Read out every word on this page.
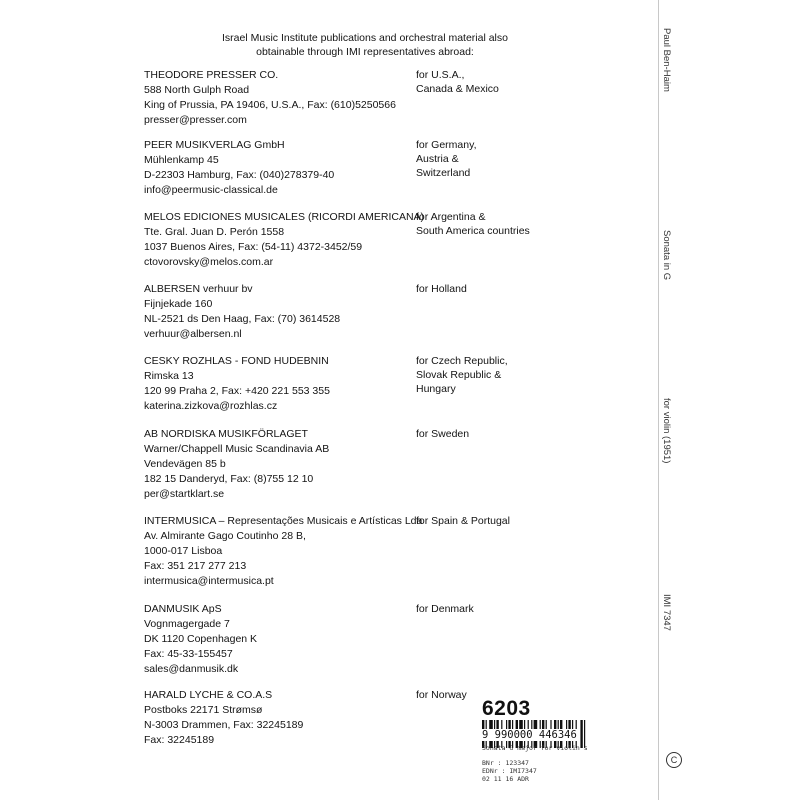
Israel Music Institute publications and orchestral material also
obtainable through IMI representatives abroad:
THEODORE PRESSER CO.
588 North Gulph Road
King of Prussia, PA 19406, U.S.A., Fax: (610)5250566
presser@presser.com
for U.S.A.,
Canada & Mexico
PEER MUSIKVERLAG GmbH
Mühlenkamp 45
D-22303 Hamburg, Fax: (040)278379-40
info@peermusic-classical.de
for Germany,
Austria &
Switzerland
MELOS EDICIONES MUSICALES (RICORDI AMERICANA)
Tte. Gral. Juan D. Perón 1558
1037 Buenos Aires, Fax: (54-11) 4372-3452/59
ctovorovsky@melos.com.ar
for Argentina &
South America countries
ALBERSEN verhuur bv
Fijnjekade 160
NL-2521 ds Den Haag, Fax: (70) 3614528
verhuur@albersen.nl
for Holland
CESKY ROZHLAS - FOND HUDEBNIN
Rimska 13
120 99 Praha 2, Fax: +420 221 553 355
katerina.zizkova@rozhlas.cz
for Czech Republic,
Slovak Republic &
Hungary
AB NORDISKA MUSIKFÖRLAGET
Warner/Chappell Music Scandinavia AB
Vendevägen 85 b
182 15 Danderyd, Fax: (8)755 12 10
per@startklart.se
for Sweden
INTERMUSICA – Representações Musicais e Artísticas Lda
Av. Almirante Gago Coutinho 28 B,
1000-017 Lisboa
Fax: 351 217 277 213
intermusica@intermusica.pt
for Spain & Portugal
DANMUSIK ApS
Vognmagergade 7
DK 1120 Copenhagen K
Fax: 45-33-155457
sales@danmusik.dk
for Denmark
HARALD LYCHE & CO.A.S
Postboks 22171 Strømsø
N-3003 Drammen, Fax: 32245189
Fax: 32245189
for Norway
Paul Ben-Haim
Sonata in G
for violin (1951)
IMI 7347
C
6203
9 990000 446346
Sonata G major for violin s
BNr : 123347
EDNr : IMI7347
02 11 16 ADR
